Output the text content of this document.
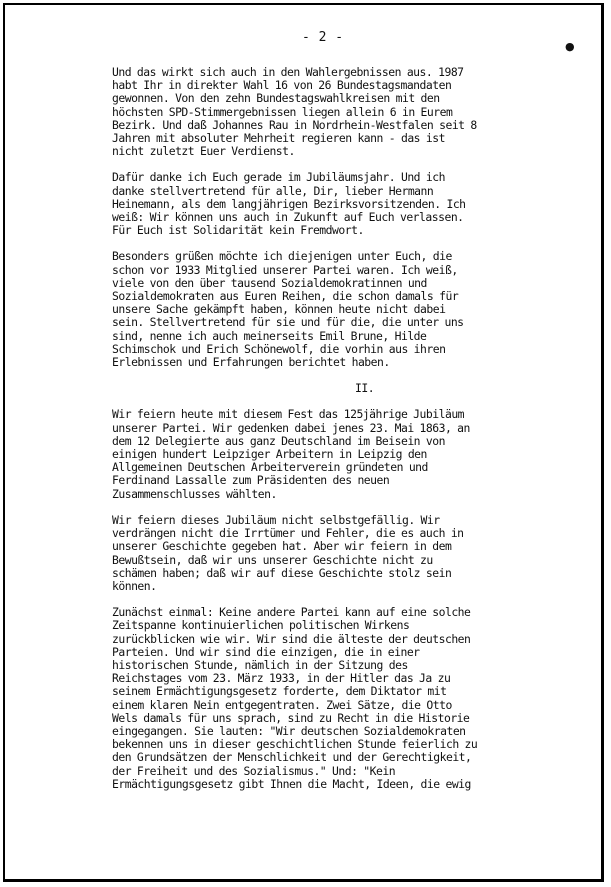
- 2 -
●

Und das wirkt sich auch in den Wahlergebnissen aus. 1987
habt Ihr in direkter Wahl 16 von 26 Bundestagsmandaten
gewonnen. Von den zehn Bundestagswahlkreisen mit den
höchsten SPD-Stimmergebnissen liegen allein 6 in Eurem
Bezirk. Und daß Johannes Rau in Nordrhein-Westfalen seit 8
Jahren mit absoluter Mehrheit regieren kann - das ist
nicht zuletzt Euer Verdienst.

Dafür danke ich Euch gerade im Jubiläumsjahr. Und ich
danke stellvertretend für alle, Dir, lieber Hermann
Heinemann, als dem langjährigen Bezirksvorsitzenden. Ich
weiß: Wir können uns auch in Zukunft auf Euch verlassen.
Für Euch ist Solidarität kein Fremdwort.

Besonders grüßen möchte ich diejenigen unter Euch, die
schon vor 1933 Mitglied unserer Partei waren. Ich weiß,
viele von den über tausend Sozialdemokratinnen und
Sozialdemokraten aus Euren Reihen, die schon damals für
unsere Sache gekämpft haben, können heute nicht dabei
sein. Stellvertretend für sie und für die, die unter uns
sind, nenne ich auch meinerseits Emil Brune, Hilde
Schimschok und Erich Schönewolf, die vorhin aus ihren
Erlebnissen und Erfahrungen berichtet haben.

II.

Wir feiern heute mit diesem Fest das 125jährige Jubiläum
unserer Partei. Wir gedenken dabei jenes 23. Mai 1863, an
dem 12 Delegierte aus ganz Deutschland im Beisein von
einigen hundert Leipziger Arbeitern in Leipzig den
Allgemeinen Deutschen Arbeiterverein gründeten und
Ferdinand Lassalle zum Präsidenten des neuen
Zusammenschlusses wählten.

Wir feiern dieses Jubiläum nicht selbstgefällig. Wir
verdrängen nicht die Irrtümer und Fehler, die es auch in
unserer Geschichte gegeben hat. Aber wir feiern in dem
Bewußtsein, daß wir uns unserer Geschichte nicht zu
schämen haben; daß wir auf diese Geschichte stolz sein
können.

Zunächst einmal: Keine andere Partei kann auf eine solche
Zeitspanne kontinuierlichen politischen Wirkens
zurückblicken wie wir. Wir sind die älteste der deutschen
Parteien. Und wir sind die einzigen, die in einer
historischen Stunde, nämlich in der Sitzung des
Reichstages vom 23. März 1933, in der Hitler das Ja zu
seinem Ermächtigungsgesetz forderte, dem Diktator mit
einem klaren Nein entgegentraten. Zwei Sätze, die Otto
Wels damals für uns sprach, sind zu Recht in die Historie
eingegangen. Sie lauten: "Wir deutschen Sozialdemokraten
bekennen uns in dieser geschichtlichen Stunde feierlich zu
den Grundsätzen der Menschlichkeit und der Gerechtigkeit,
der Freiheit und des Sozialismus." Und: "Kein
Ermächtigungsgesetz gibt Ihnen die Macht, Ideen, die ewig
